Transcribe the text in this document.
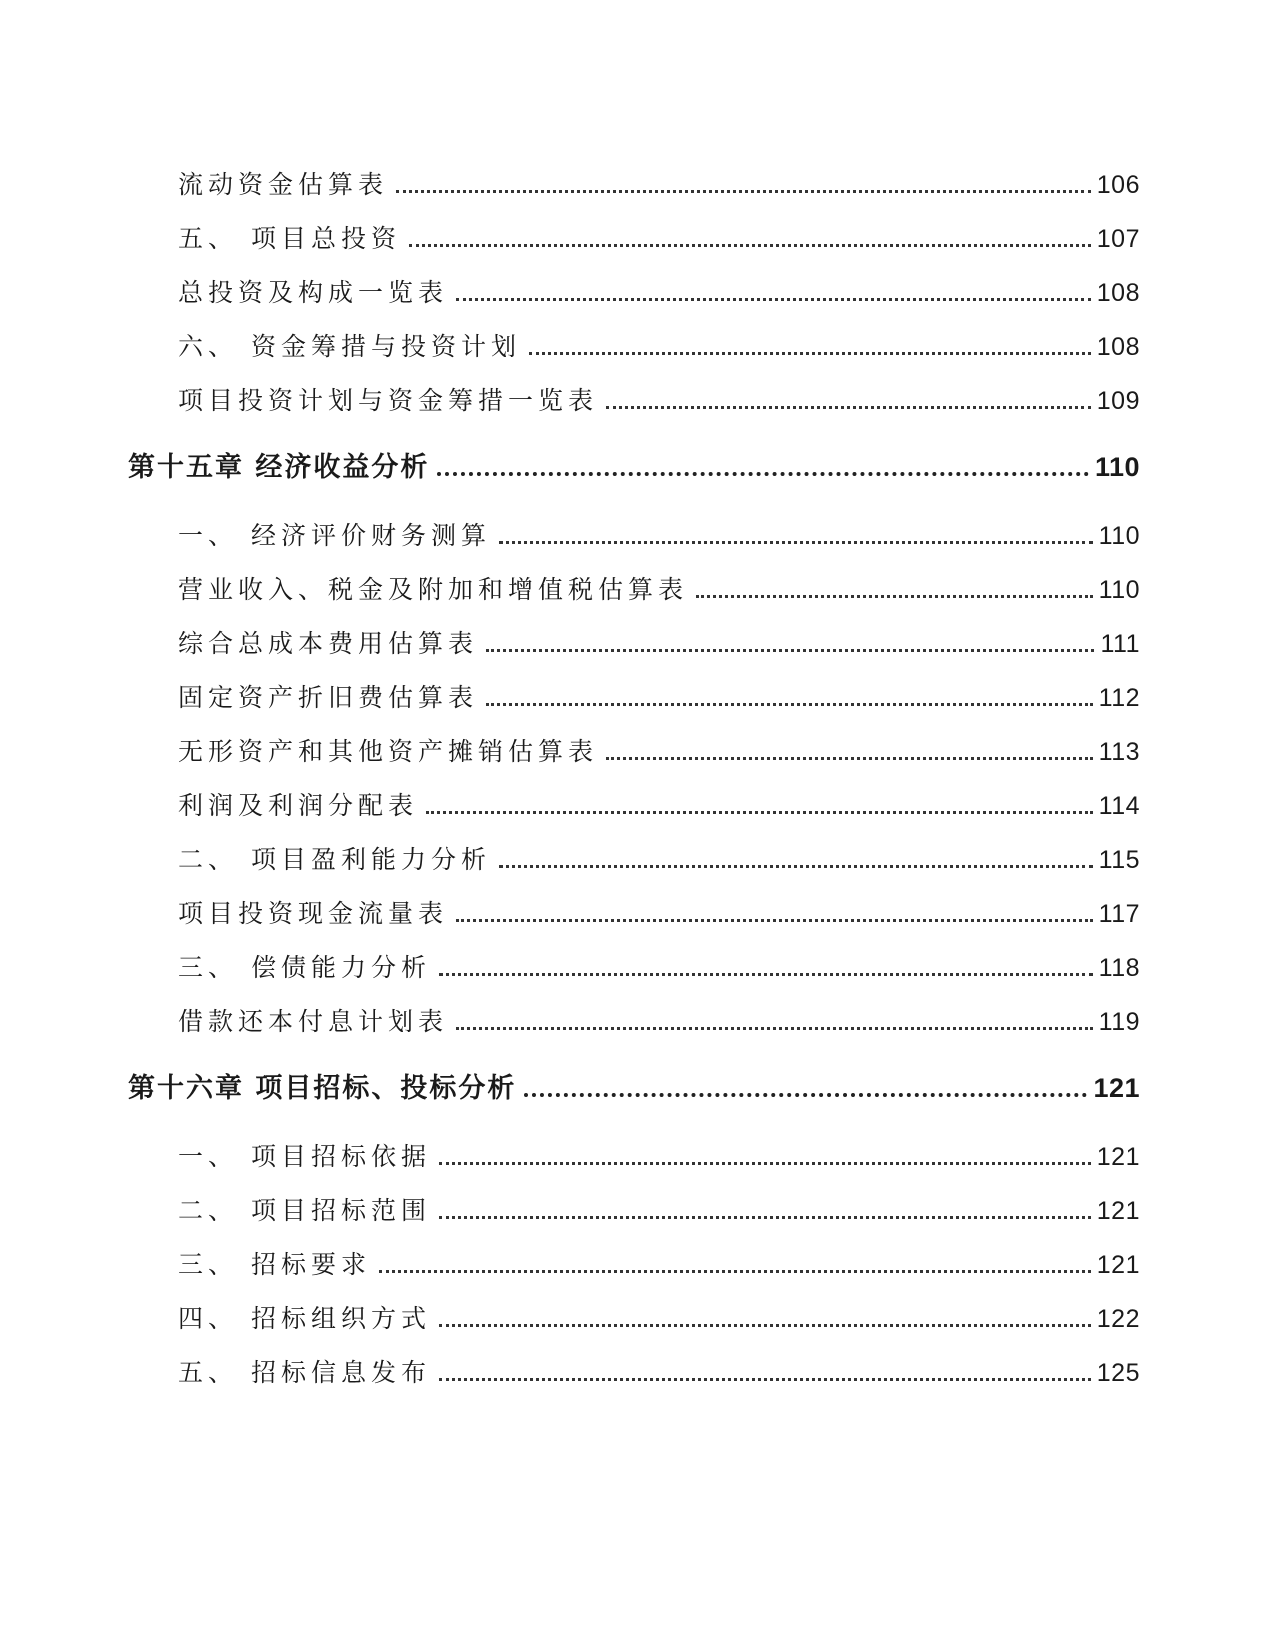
流动资金估算表	106
五、 项目总投资	107
总投资及构成一览表	108
六、 资金筹措与投资计划	108
项目投资计划与资金筹措一览表	109
第十五章 经济收益分析	110
一、 经济评价财务测算	110
营业收入、税金及附加和增值税估算表	110
综合总成本费用估算表	111
固定资产折旧费估算表	112
无形资产和其他资产摊销估算表	113
利润及利润分配表	114
二、 项目盈利能力分析	115
项目投资现金流量表	117
三、 偿债能力分析	118
借款还本付息计划表	119
第十六章 项目招标、投标分析	121
一、 项目招标依据	121
二、 项目招标范围	121
三、 招标要求	121
四、 招标组织方式	122
五、 招标信息发布	125
